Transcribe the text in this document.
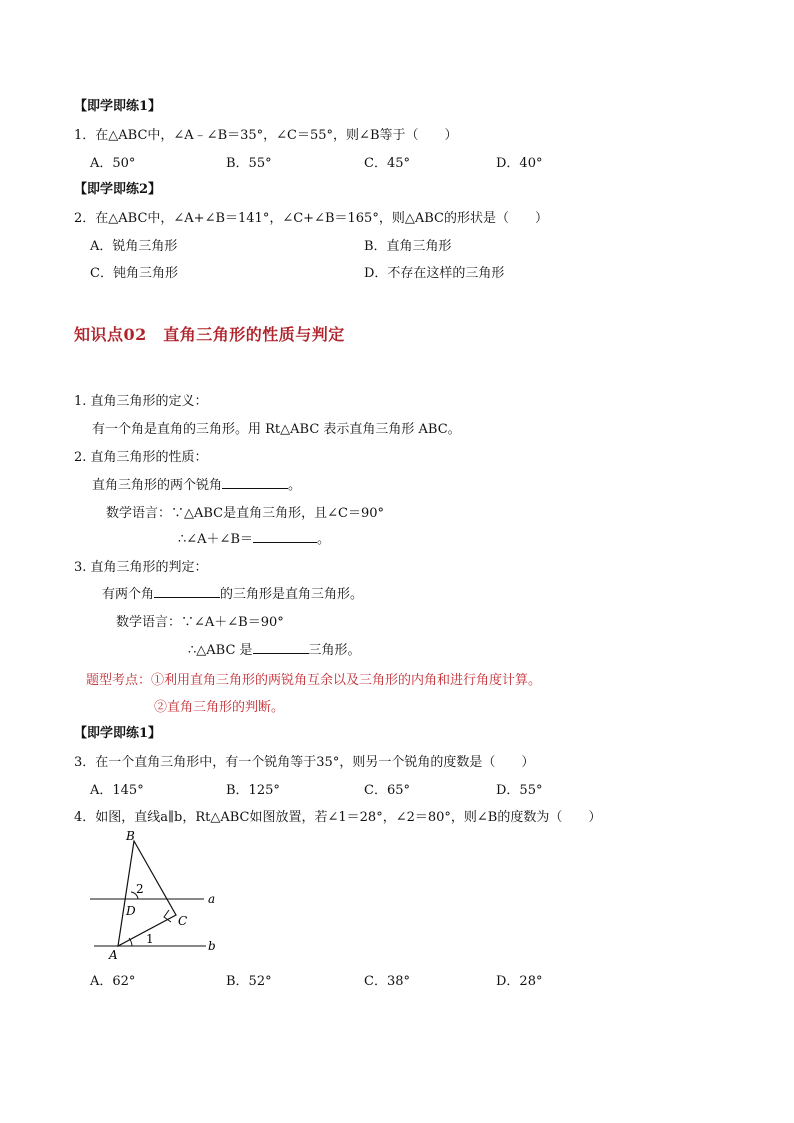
【即学即练1】
1．在△ABC中，∠A﹣∠B＝35°，∠C＝55°，则∠B等于（　　）
A．50°	B．55°	C．45°	D．40°
【即学即练2】
2．在△ABC中，∠A+∠B＝141°，∠C+∠B＝165°，则△ABC的形状是（　　）
A．锐角三角形	B．直角三角形
C．钝角三角形	D．不存在这样的三角形
知识点02　直角三角形的性质与判定
1. 直角三角形的定义：
有一个角是直角的三角形。用 Rt△ABC 表示直角三角形 ABC。
2. 直角三角形的性质：
直角三角形的两个锐角	。
数学语言：∵△ABC是直角三角形，且∠C＝90°
∴∠A＋∠B＝	。
3. 直角三角形的判定：
有两个角	的三角形是直角三角形。
数学语言：∵∠A＋∠B＝90°
∴△ABC 是	三角形。
题型考点：①利用直角三角形的两锐角互余以及三角形的内角和进行角度计算。
②直角三角形的判断。
【即学即练1】
3．在一个直角三角形中，有一个锐角等于35°，则另一个锐角的度数是（　　）
A．145°	B．125°	C．65°	D．55°
4．如图，直线a∥b，Rt△ABC如图放置，若∠1＝28°，∠2＝80°，则∠B的度数为（　　）
B
2
D
C
a
1
A
b
A．62°	B．52°	C．38°	D．28°
